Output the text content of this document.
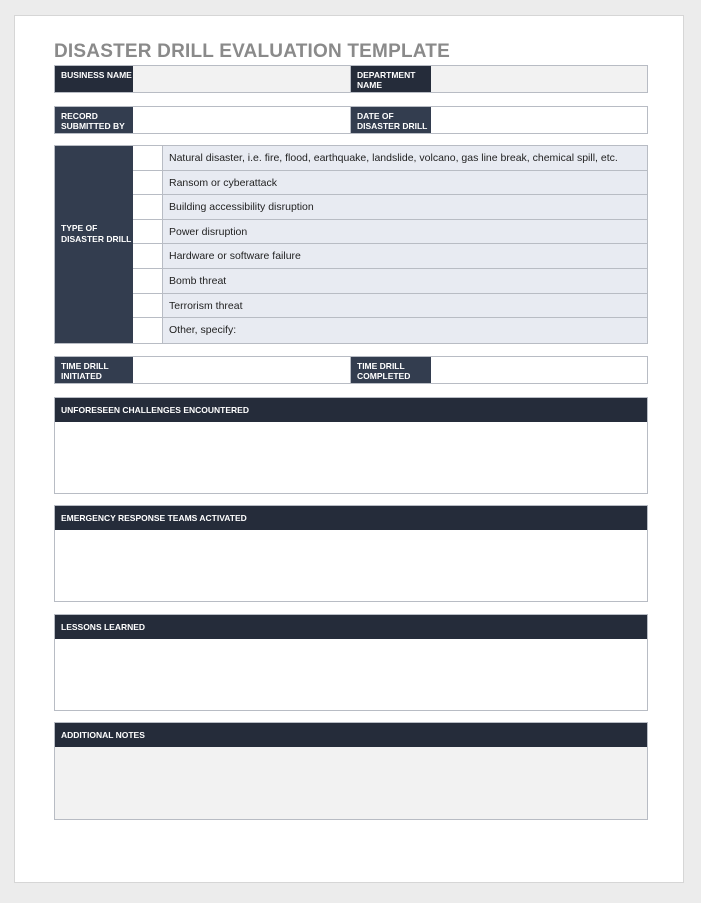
DISASTER DRILL EVALUATION TEMPLATE
BUSINESS NAME	DEPARTMENT NAME
RECORD SUBMITTED BY
DATE OF DISASTER DRILL
TYPE OF DISASTER DRILL
Natural disaster, i.e. fire, flood, earthquake, landslide, volcano, gas line break, chemical spill, etc.
Ransom or cyberattack
Building accessibility disruption
Power disruption
Hardware or software failure
Bomb threat
Terrorism threat
Other, specify:
TIME DRILL INITIATED
TIME DRILL COMPLETED
UNFORESEEN CHALLENGES ENCOUNTERED
EMERGENCY RESPONSE TEAMS ACTIVATED
LESSONS LEARNED
ADDITIONAL NOTES
